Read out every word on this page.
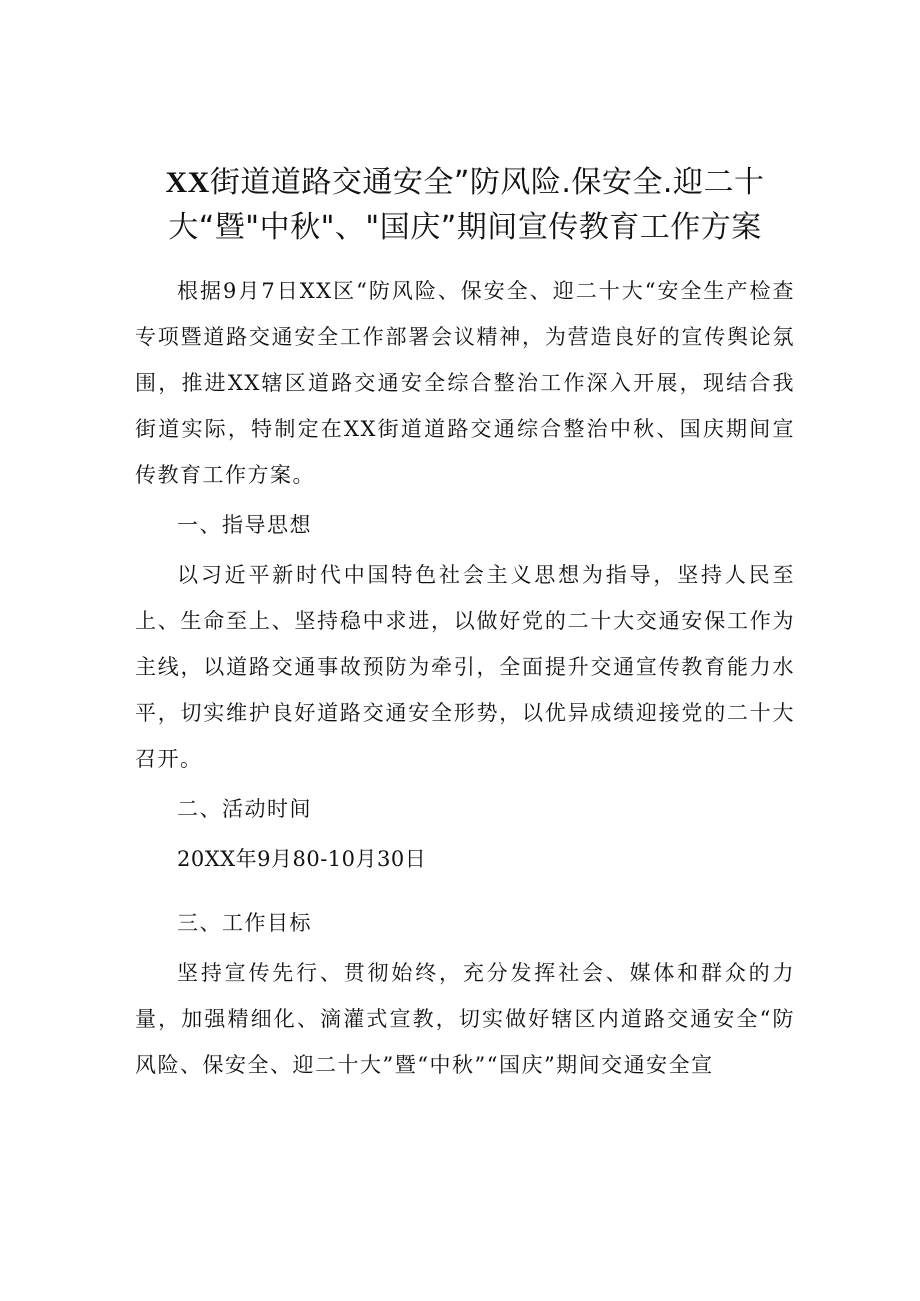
XX街道道路交通安全”防风险.保安全.迎二十
大“暨"中秋"、"国庆”期间宣传教育工作方案

根据9月7日XX区“防风险、保安全、迎二十大“安全生产检查专项暨道路交通安全工作部署会议精神，为营造良好的宣传舆论氛围，推进XX辖区道路交通安全综合整治工作深入开展，现结合我街道实际，特制定在XX街道道路交通综合整治中秋、国庆期间宣传教育工作方案。

一、指导思想

以习近平新时代中国特色社会主义思想为指导，坚持人民至上、生命至上、坚持稳中求进，以做好党的二十大交通安保工作为主线，以道路交通事故预防为牵引，全面提升交通宣传教育能力水平，切实维护良好道路交通安全形势，以优异成绩迎接党的二十大召开。

二、活动时间

20XX年9月80-10月30日

三、工作目标

坚持宣传先行、贯彻始终，充分发挥社会、媒体和群众的力量，加强精细化、滴灌式宣教，切实做好辖区内道路交通安全“防风险、保安全、迎二十大”暨“中秋”“国庆”期间交通安全宣
